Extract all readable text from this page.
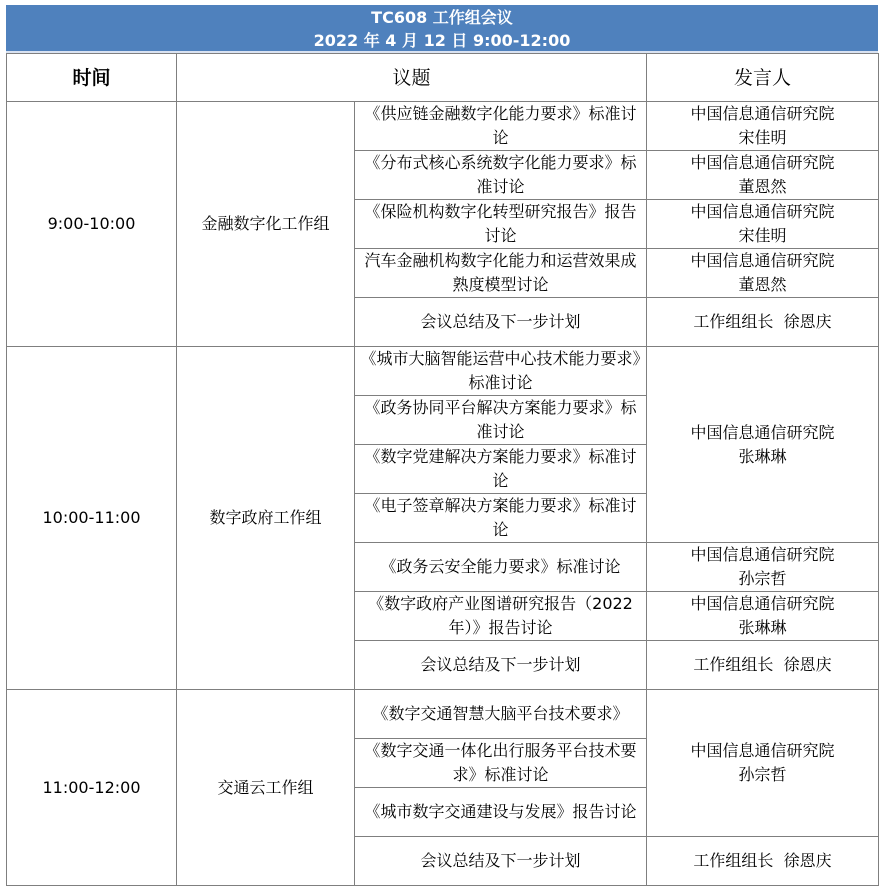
TC608 工作组会议
2022 年 4 月 12 日 9:00-12:00
时间	议题		发言人
9:00-10:00	金融数字化工作组	《供应链金融数字化能力要求》标准讨论	中国信息通信研究院
宋佳明

		《分布式核心系统数字化能力要求》标准讨论	中国信息通信研究院
董恩然

		《保险机构数字化转型研究报告》报告讨论	中国信息通信研究院
宋佳明

		汽车金融机构数字化能力和运营效果成熟度模型讨论	中国信息通信研究院
董恩然

		会议总结及下一步计划	工作组组长  徐恩庆

10:00-11:00	数字政府工作组	《城市大脑智能运营中心技术能力要求》标准讨论	中国信息通信研究院
张琳琳

		《政务协同平台解决方案能力要求》标准讨论	
		《数字党建解决方案能力要求》标准讨论	
		《电子签章解决方案能力要求》标准讨论	
		《政务云安全能力要求》标准讨论	中国信息通信研究院
孙宗哲

		《数字政府产业图谱研究报告（2022 年）》报告讨论	中国信息通信研究院
张琳琳

		会议总结及下一步计划	工作组组长  徐恩庆

11:00-12:00	交通云工作组	《数字交通智慧大脑平台技术要求》	中国信息通信研究院
孙宗哲

		《数字交通一体化出行服务平台技术要求》标准讨论	
		《城市数字交通建设与发展》报告讨论	
		会议总结及下一步计划	工作组组长  徐恩庆
